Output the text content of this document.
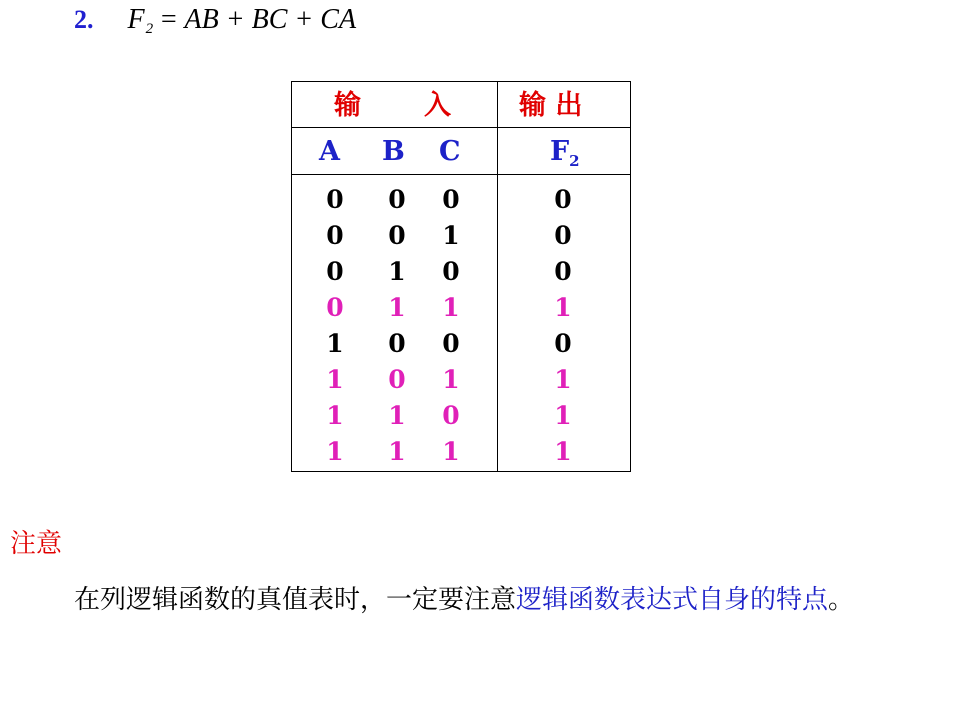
2. $F_2$ = AB + BC + CA
输 入	输 出
A B C	$F_2$
0 0 0	0
0 0 1	0
0 1 0	0
0 1 1	1
1 0 0	0
1 0 1	1
1 1 0	1
1 1 1	1
注意
在列逻辑函数的真值表时，一定要注意逻辑函数表达式自身的特点。
